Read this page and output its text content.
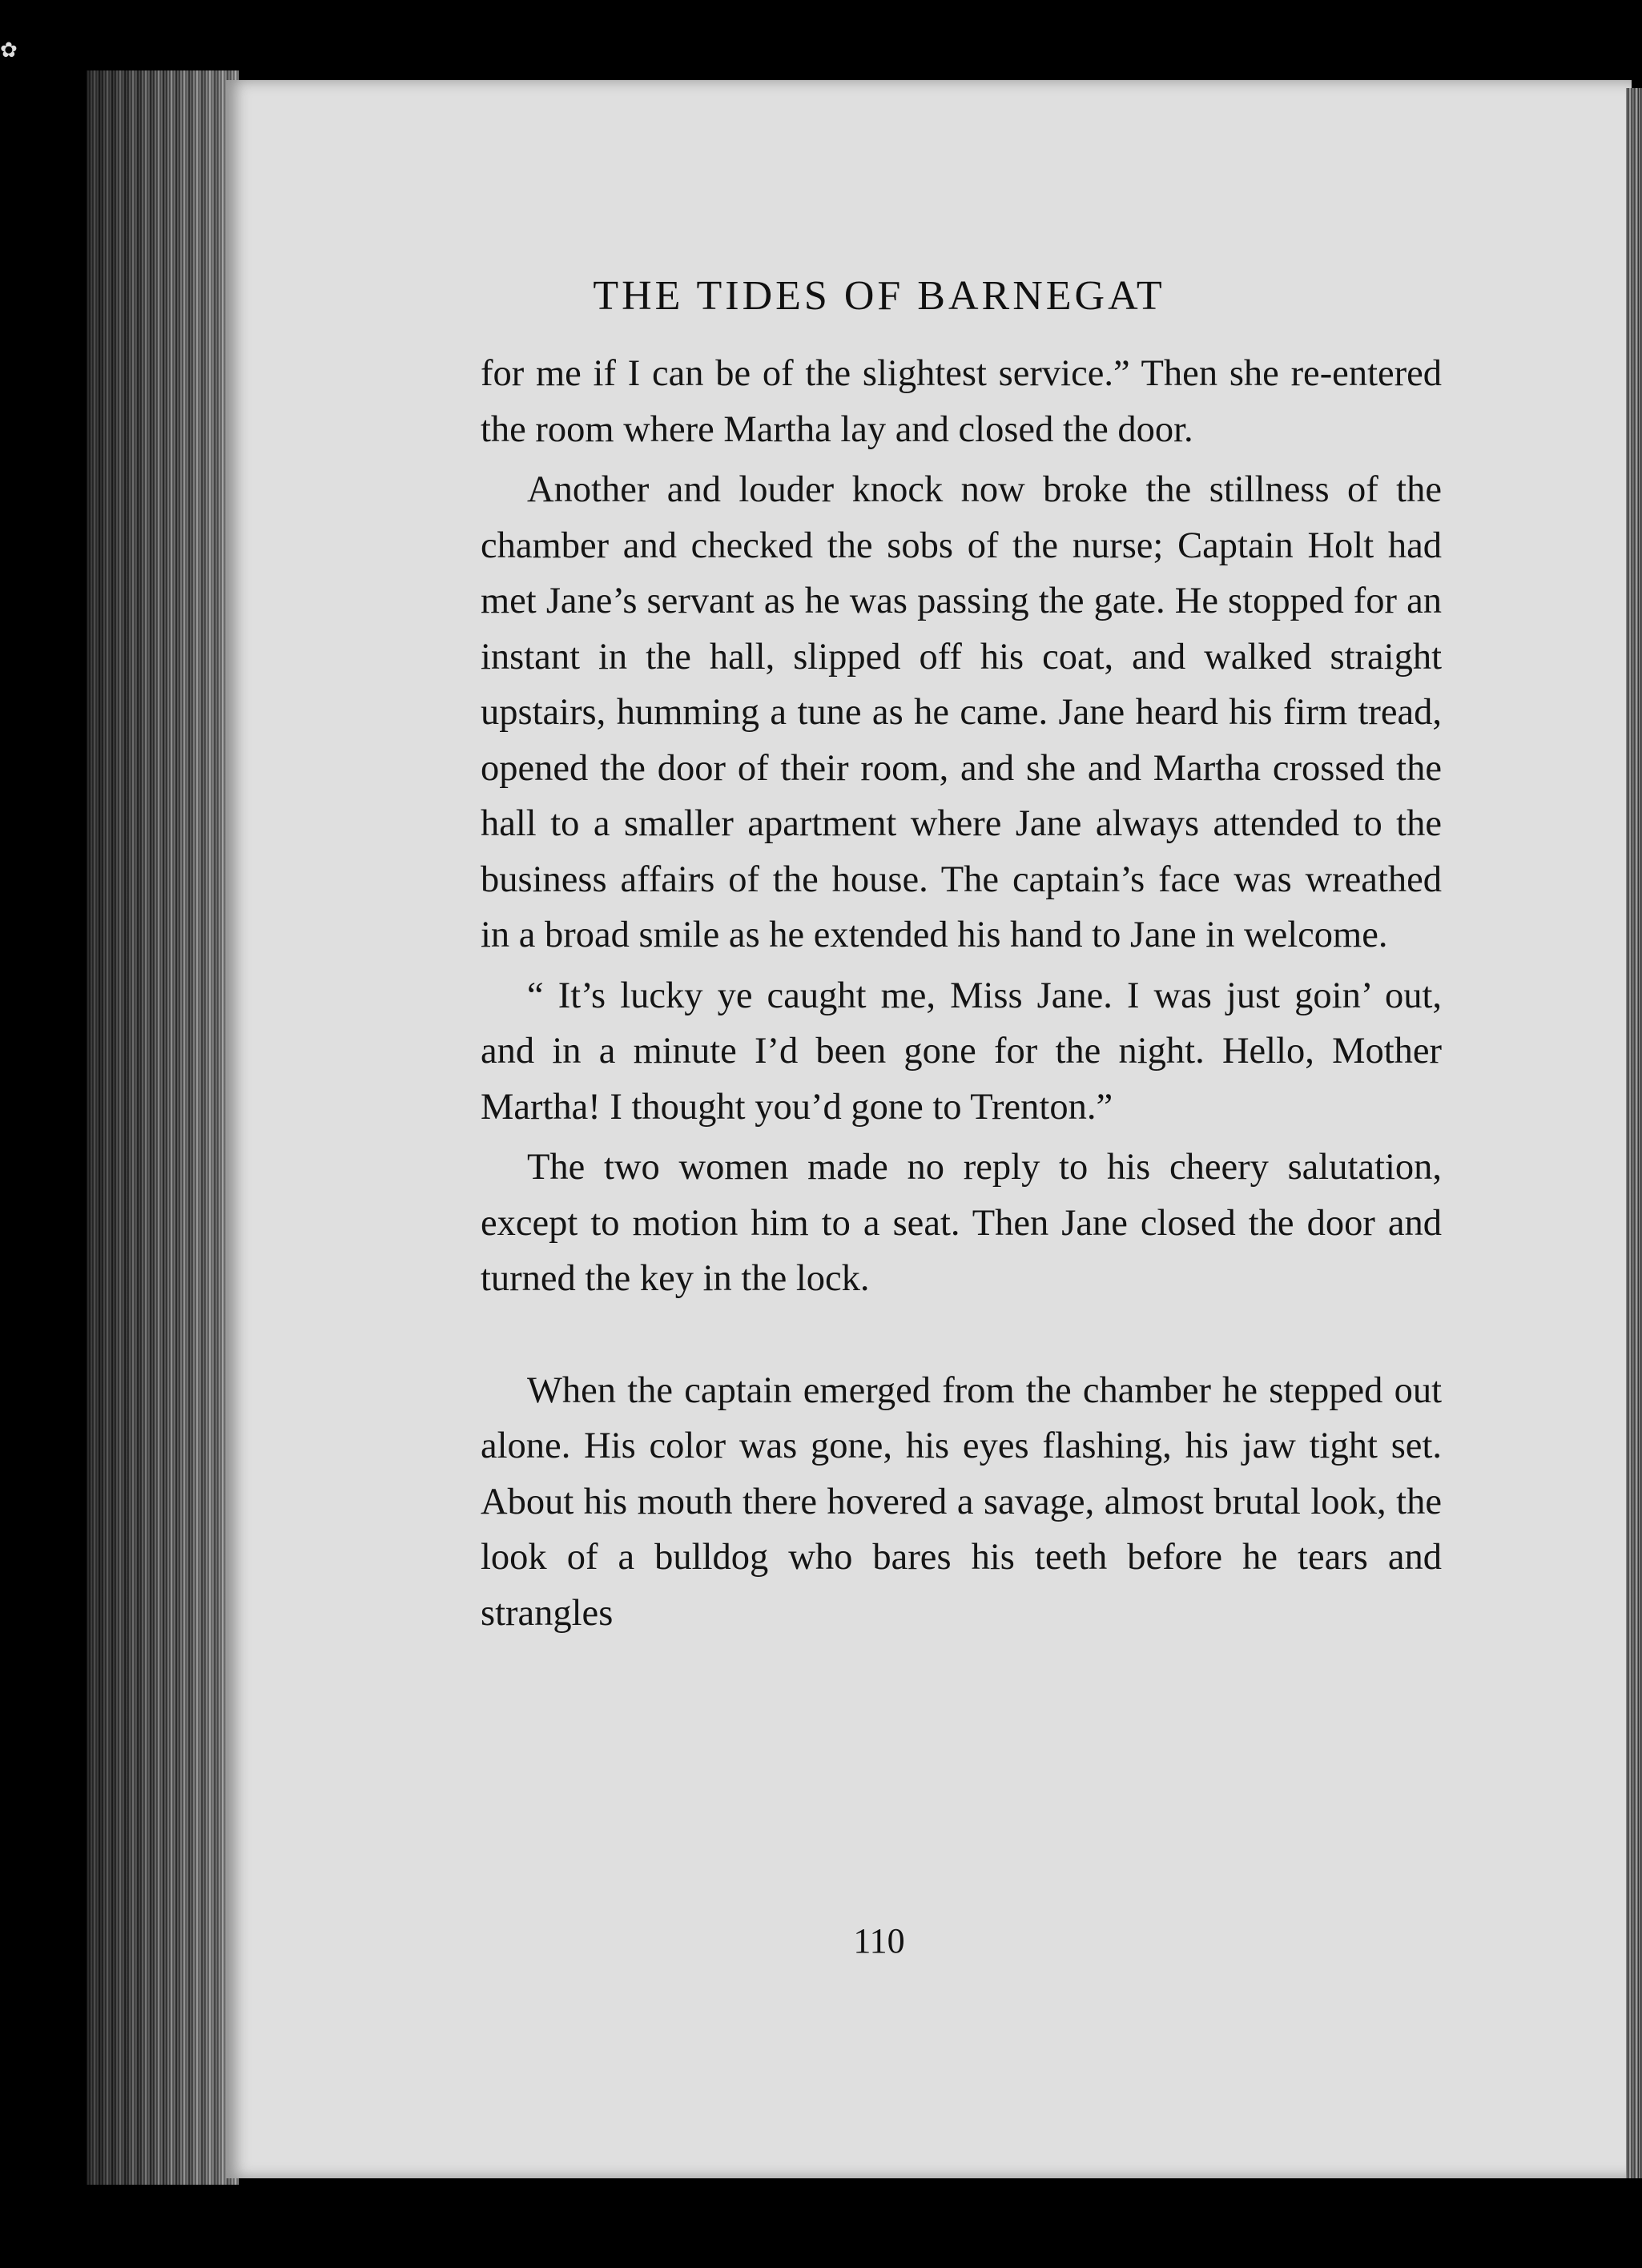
✿
THE TIDES OF BARNEGAT

for me if I can be of the slightest service.” Then she re-entered the room where Martha lay and closed the door.

Another and louder knock now broke the stillness of the chamber and checked the sobs of the nurse; Captain Holt had met Jane’s servant as he was passing the gate. He stopped for an instant in the hall, slipped off his coat, and walked straight upstairs, humming a tune as he came. Jane heard his firm tread, opened the door of their room, and she and Martha crossed the hall to a smaller apartment where Jane always attended to the business affairs of the house. The captain’s face was wreathed in a broad smile as he extended his hand to Jane in welcome.

“ It’s lucky ye caught me, Miss Jane. I was just goin’ out, and in a minute I’d been gone for the night. Hello, Mother Martha! I thought you’d gone to Trenton.”

The two women made no reply to his cheery salutation, except to motion him to a seat. Then Jane closed the door and turned the key in the lock.

When the captain emerged from the chamber he stepped out alone. His color was gone, his eyes flashing, his jaw tight set. About his mouth there hovered a savage, almost brutal look, the look of a bulldog who bares his teeth before he tears and strangles

110
